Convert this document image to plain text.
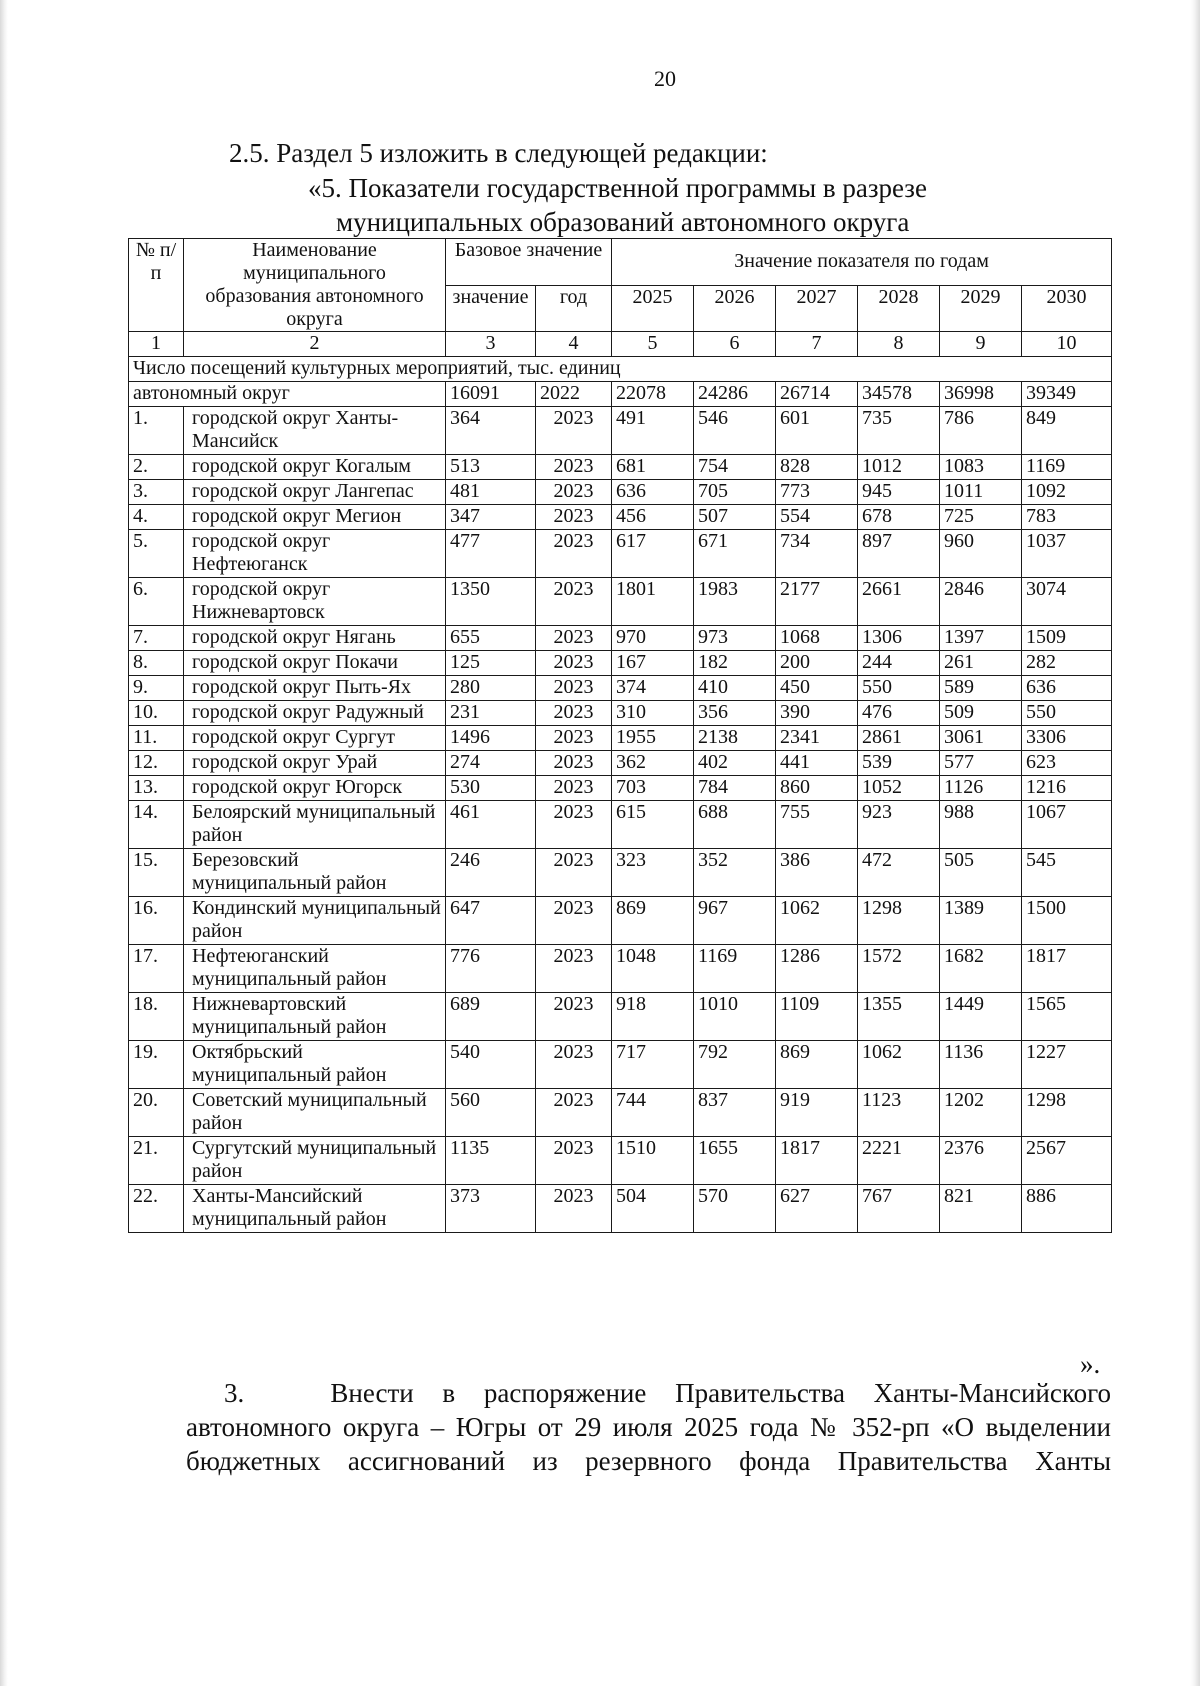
20
2.5. Раздел 5 изложить в следующей редакции:
«5. Показатели государственной программы в разрезе
муниципальных образований автономного округа
№ п/п	Наименование муниципального образования автономного округа	Базовое значение		Значение показателя по годам					
		значение	год	2025	2026	2027	2028	2029	2030
1	2	3	4	5	6	7	8	9	10
Число посещений культурных мероприятий, тыс. единиц									
автономный округ		16091	2022	22078	24286	26714	34578	36998	39349
1.	городской округ Ханты-Мансийск	364	2023	491	546	601	735	786	849
2.	городской округ Когалым	513	2023	681	754	828	1012	1083	1169
3.	городской округ Лангепас	481	2023	636	705	773	945	1011	1092
4.	городской округ Мегион	347	2023	456	507	554	678	725	783
5.	городской округ Нефтеюганск	477	2023	617	671	734	897	960	1037
6.	городской округ Нижневартовск	1350	2023	1801	1983	2177	2661	2846	3074
7.	городской округ Нягань	655	2023	970	973	1068	1306	1397	1509
8.	городской округ Покачи	125	2023	167	182	200	244	261	282
9.	городской округ Пыть-Ях	280	2023	374	410	450	550	589	636
10.	городской округ Радужный	231	2023	310	356	390	476	509	550
11.	городской округ Сургут	1496	2023	1955	2138	2341	2861	3061	3306
12.	городской округ Урай	274	2023	362	402	441	539	577	623
13.	городской округ Югорск	530	2023	703	784	860	1052	1126	1216
14.	Белоярский муниципальный район	461	2023	615	688	755	923	988	1067
15.	Березовский муниципальный район	246	2023	323	352	386	472	505	545
16.	Кондинский муниципальный район	647	2023	869	967	1062	1298	1389	1500
17.	Нефтеюганский муниципальный район	776	2023	1048	1169	1286	1572	1682	1817
18.	Нижневартовский муниципальный район	689	2023	918	1010	1109	1355	1449	1565
19.	Октябрьский муниципальный район	540	2023	717	792	869	1062	1136	1227
20.	Советский муниципальный район	560	2023	744	837	919	1123	1202	1298
21.	Сургутский муниципальный район	1135	2023	1510	1655	1817	2221	2376	2567
22.	Ханты-Мансийский муниципальный район	373	2023	504	570	627	767	821	886
».
3.   Внести в распоряжение Правительства Ханты-Мансийского
автономного округа – Югры от 29 июля 2025 года № 352-рп «О выделении
бюджетных ассигнований из резервного фонда Правительства Ханты
